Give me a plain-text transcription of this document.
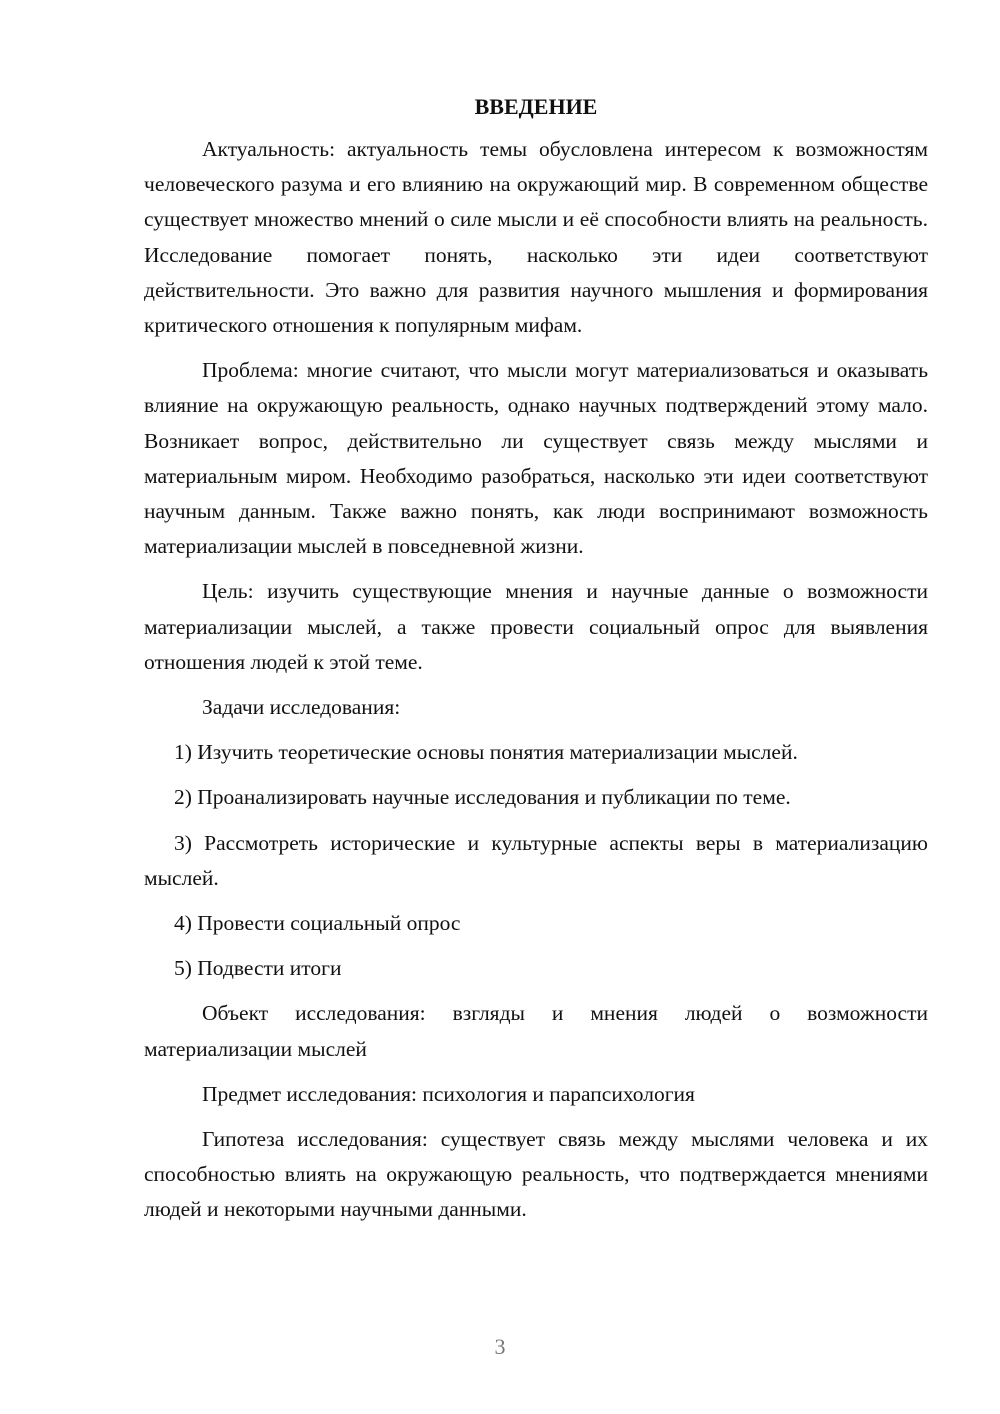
ВВЕДЕНИЕ

Актуальность: актуальность темы обусловлена интересом к возможностям человеческого разума и его влиянию на окружающий мир. В современном обществе существует множество мнений о силе мысли и её способности влиять на реальность. Исследование помогает понять, насколько эти идеи соответствуют действительности. Это важно для развития научного мышления и формирования критического отношения к популярным мифам.

Проблема: многие считают, что мысли могут материализоваться и оказывать влияние на окружающую реальность, однако научных подтверждений этому мало. Возникает вопрос, действительно ли существует связь между мыслями и материальным миром. Необходимо разобраться, насколько эти идеи соответствуют научным данным. Также важно понять, как люди воспринимают возможность материализации мыслей в повседневной жизни.

Цель: изучить существующие мнения и научные данные о возможности материализации мыслей, а также провести социальный опрос для выявления отношения людей к этой теме.

Задачи исследования:

1) Изучить теоретические основы понятия материализации мыслей.

2) Проанализировать научные исследования и публикации по теме.

3) Рассмотреть исторические и культурные аспекты веры в материализацию мыслей.

4) Провести социальный опрос

5) Подвести итоги

Объект исследования: взгляды и мнения людей о возможности материализации мыслей

Предмет исследования: психология и парапсихология

Гипотеза исследования: существует связь между мыслями человека и их способностью влиять на окружающую реальность, что подтверждается мнениями людей и некоторыми научными данными.

3
